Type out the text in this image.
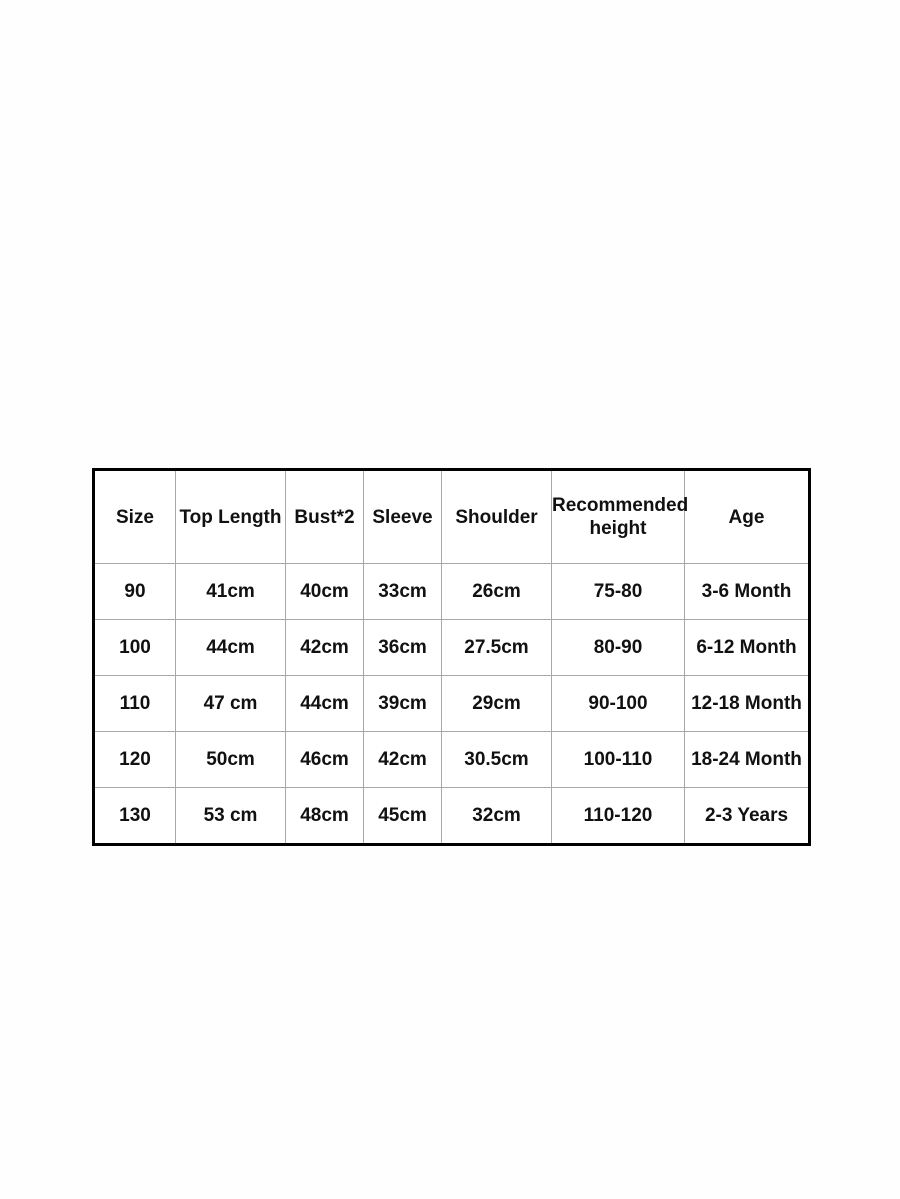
Size	Top Length	Bust*2	Sleeve	Shoulder	Recommended height	Age
90	41cm	40cm	33cm	26cm	75-80	3-6 Month
100	44cm	42cm	36cm	27.5cm	80-90	6-12 Month
110	47 cm	44cm	39cm	29cm	90-100	12-18 Month
120	50cm	46cm	42cm	30.5cm	100-110	18-24 Month
130	53 cm	48cm	45cm	32cm	110-120	2-3 Years
